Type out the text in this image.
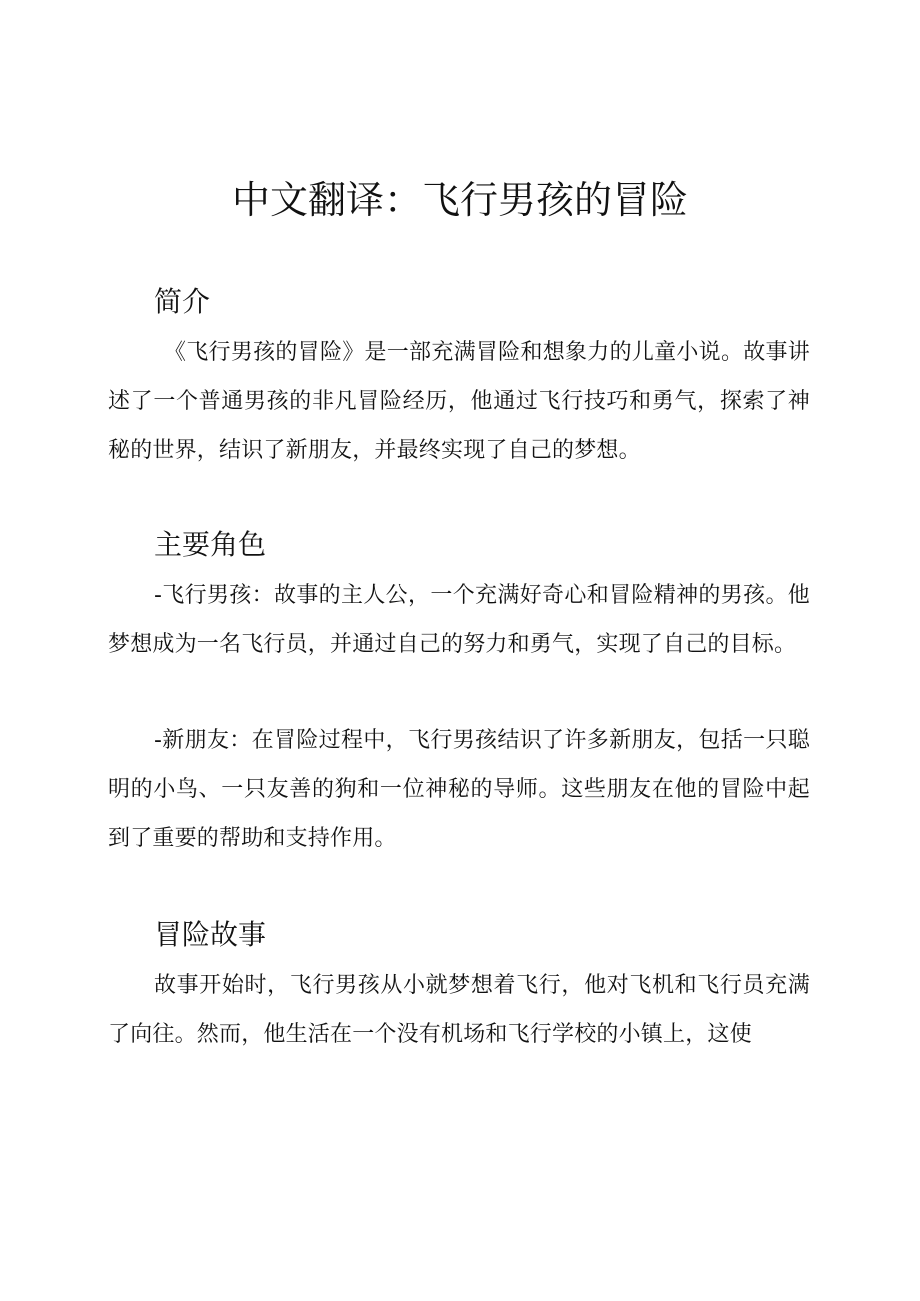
中文翻译：飞行男孩的冒险
简介

《飞行男孩的冒险》是一部充满冒险和想象力的儿童小说。故事讲述了一个普通男孩的非凡冒险经历，他通过飞行技巧和勇气，探索了神秘的世界，结识了新朋友，并最终实现了自己的梦想。

主要角色

-飞行男孩：故事的主人公，一个充满好奇心和冒险精神的男孩。他梦想成为一名飞行员，并通过自己的努力和勇气，实现了自己的目标。

-新朋友：在冒险过程中，飞行男孩结识了许多新朋友，包括一只聪明的小鸟、一只友善的狗和一位神秘的导师。这些朋友在他的冒险中起到了重要的帮助和支持作用。

冒险故事

故事开始时，飞行男孩从小就梦想着飞行，他对飞机和飞行员充满了向往。然而，他生活在一个没有机场和飞行学校的小镇上，这使
